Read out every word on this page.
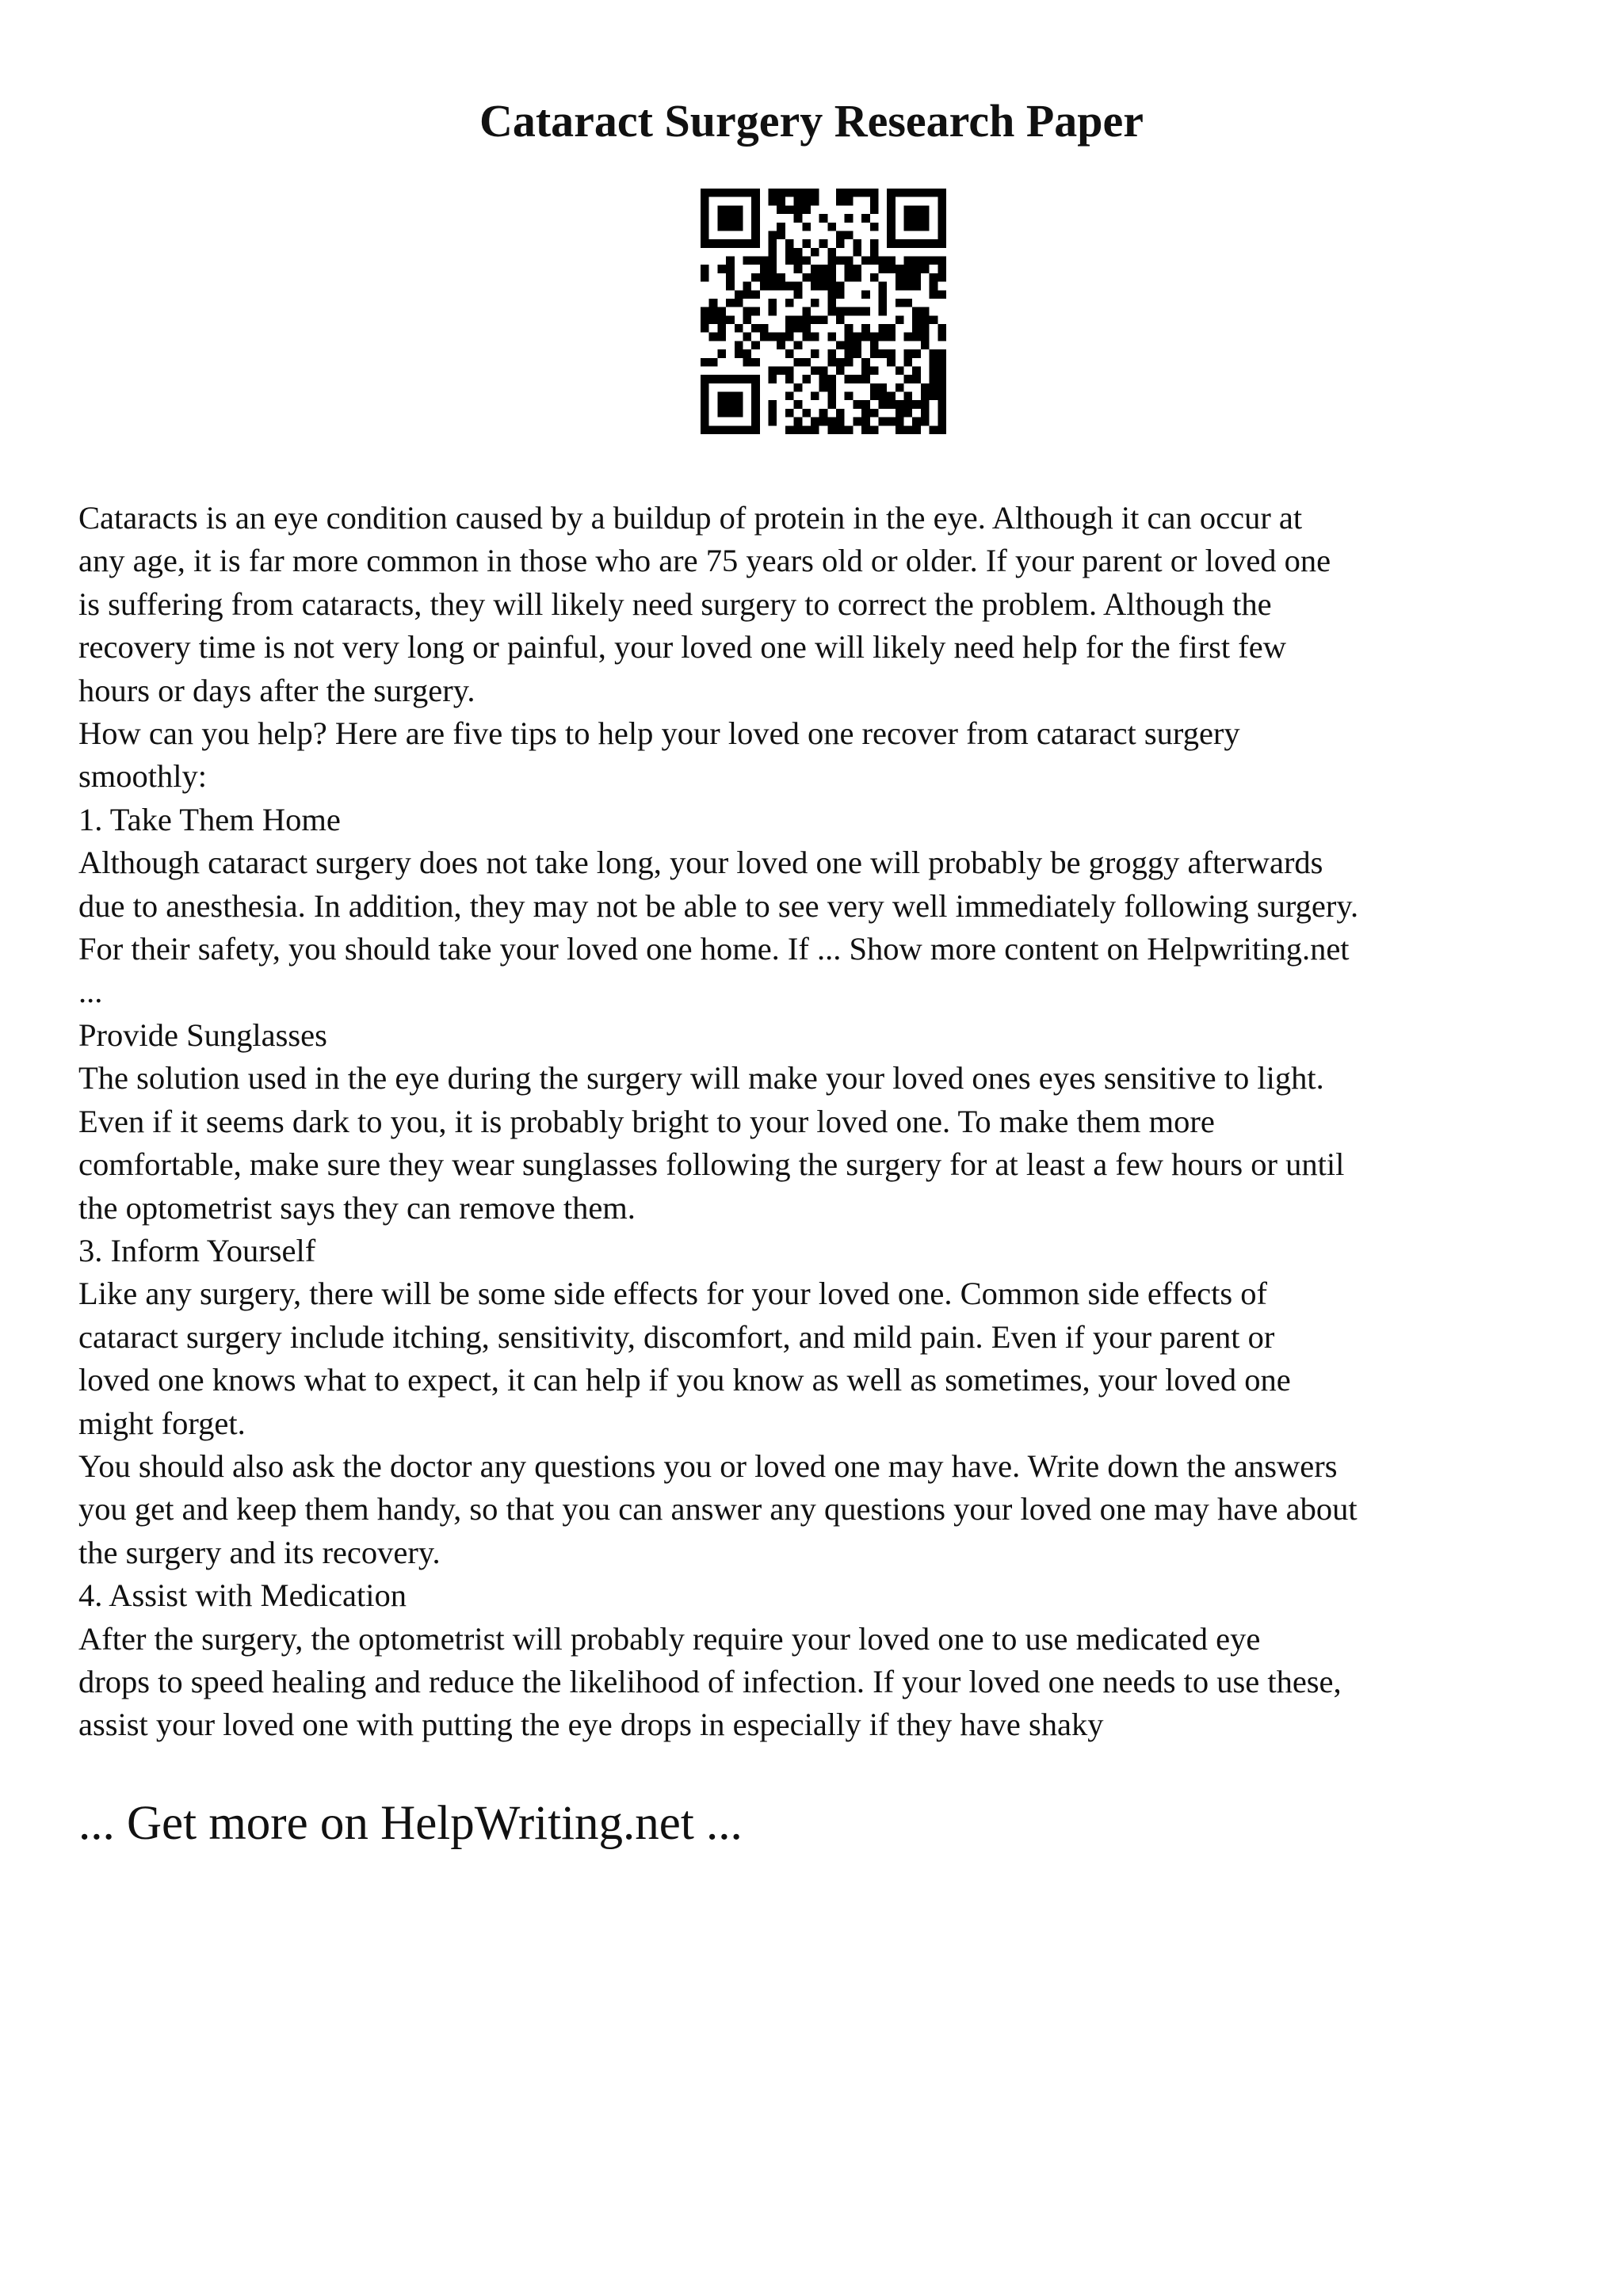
Cataract Surgery Research Paper
Cataracts is an eye condition caused by a buildup of protein in the eye. Although it can occur at
any age, it is far more common in those who are 75 years old or older. If your parent or loved one
is suffering from cataracts, they will likely need surgery to correct the problem. Although the
recovery time is not very long or painful, your loved one will likely need help for the first few
hours or days after the surgery.
How can you help? Here are five tips to help your loved one recover from cataract surgery
smoothly:
1. Take Them Home
Although cataract surgery does not take long, your loved one will probably be groggy afterwards
due to anesthesia. In addition, they may not be able to see very well immediately following surgery.
For their safety, you should take your loved one home. If ... Show more content on Helpwriting.net
...
Provide Sunglasses
The solution used in the eye during the surgery will make your loved ones eyes sensitive to light.
Even if it seems dark to you, it is probably bright to your loved one. To make them more
comfortable, make sure they wear sunglasses following the surgery for at least a few hours or until
the optometrist says they can remove them.
3. Inform Yourself
Like any surgery, there will be some side effects for your loved one. Common side effects of
cataract surgery include itching, sensitivity, discomfort, and mild pain. Even if your parent or
loved one knows what to expect, it can help if you know as well as sometimes, your loved one
might forget.
You should also ask the doctor any questions you or loved one may have. Write down the answers
you get and keep them handy, so that you can answer any questions your loved one may have about
the surgery and its recovery.
4. Assist with Medication
After the surgery, the optometrist will probably require your loved one to use medicated eye
drops to speed healing and reduce the likelihood of infection. If your loved one needs to use these,
assist your loved one with putting the eye drops in especially if they have shaky
... Get more on HelpWriting.net ...
